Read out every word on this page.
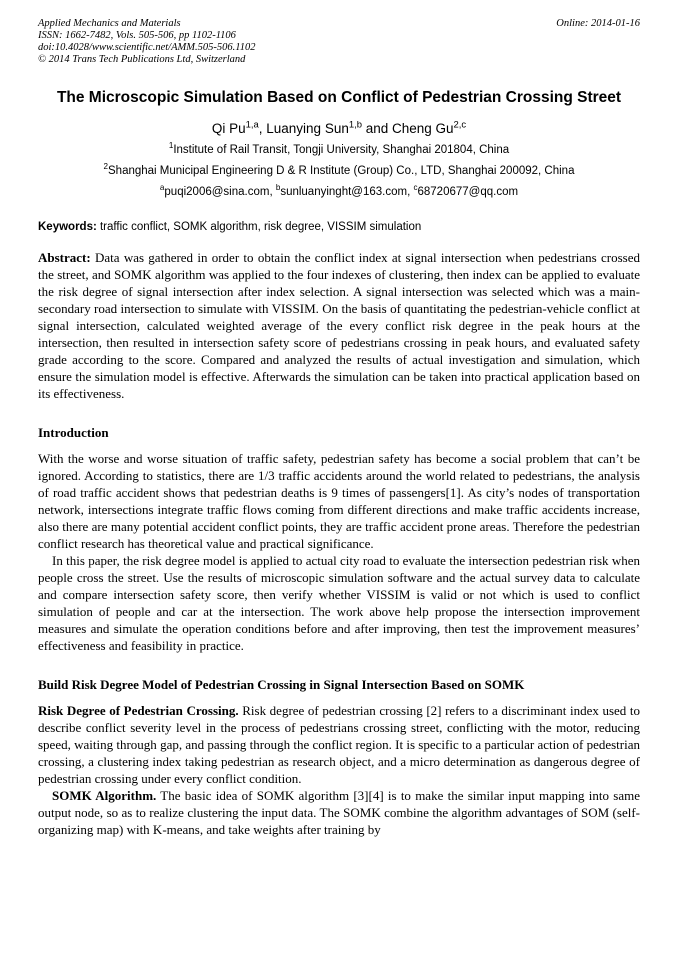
Applied Mechanics and Materials
ISSN: 1662-7482, Vols. 505-506, pp 1102-1106
doi:10.4028/www.scientific.net/AMM.505-506.1102
© 2014 Trans Tech Publications Ltd, Switzerland
Online: 2014-01-16
The Microscopic Simulation Based on Conflict of Pedestrian Crossing Street
Qi Pu$^{1,a}$, Luanying Sun$^{1,b}$ and Cheng Gu$^{2,c}$
$^1$Institute of Rail Transit, Tongji University, Shanghai 201804, China
$^2$Shanghai Municipal Engineering D & R Institute (Group) Co., LTD, Shanghai 200092, China
$^a$puqi2006@sina.com, $^b$sunluanyinght@163.com, $^c$68720677@qq.com
Keywords: traffic conflict, SOMK algorithm, risk degree, VISSIM simulation

Abstract: Data was gathered in order to obtain the conflict index at signal intersection when pedestrians crossed the street, and SOMK algorithm was applied to the four indexes of clustering, then index can be applied to evaluate the risk degree of signal intersection after index selection. A signal intersection was selected which was a main-secondary road intersection to simulate with VISSIM. On the basis of quantitating the pedestrian-vehicle conflict at signal intersection, calculated weighted average of the every conflict risk degree in the peak hours at the intersection, then resulted in intersection safety score of pedestrians crossing in peak hours, and evaluated safety grade according to the score. Compared and analyzed the results of actual investigation and simulation, which ensure the simulation model is effective. Afterwards the simulation can be taken into practical application based on its effectiveness.

Introduction

With the worse and worse situation of traffic safety, pedestrian safety has become a social problem that can’t be ignored. According to statistics, there are 1/3 traffic accidents around the world related to pedestrians, the analysis of road traffic accident shows that pedestrian deaths is 9 times of passengers[1]. As city’s nodes of transportation network, intersections integrate traffic flows coming from different directions and make traffic accidents increase, also there are many potential accident conflict points, they are traffic accident prone areas. Therefore the pedestrian conflict research has theoretical value and practical significance.

In this paper, the risk degree model is applied to actual city road to evaluate the intersection pedestrian risk when people cross the street. Use the results of microscopic simulation software and the actual survey data to calculate and compare intersection safety score, then verify whether VISSIM is valid or not which is used to conflict simulation of people and car at the intersection. The work above help propose the intersection improvement measures and simulate the operation conditions before and after improving, then test the improvement measures’ effectiveness and feasibility in practice.

Build Risk Degree Model of Pedestrian Crossing in Signal Intersection Based on SOMK

Risk Degree of Pedestrian Crossing. Risk degree of pedestrian crossing [2] refers to a discriminant index used to describe conflict severity level in the process of pedestrians crossing street, conflicting with the motor, reducing speed, waiting through gap, and passing through the conflict region. It is specific to a particular action of pedestrian crossing, a clustering index taking pedestrian as research object, and a micro determination as dangerous degree of pedestrian crossing under every conflict condition.

SOMK Algorithm. The basic idea of SOMK algorithm [3][4] is to make the similar input mapping into same output node, so as to realize clustering the input data. The SOMK combine the algorithm advantages of SOM (self-organizing map) with K-means, and take weights after training by
